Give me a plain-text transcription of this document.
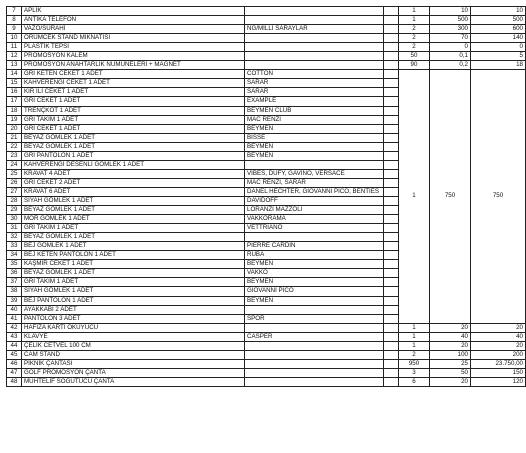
7	APLİK			1	10	10
8	ANTİKA TELEFON			1	500	500
9	VAZO/SÜRAHİ	NG/MİLLİ SARAYLAR		2	300	600
10	ÖRÜMCEK STAND MIKNATISI			2	70	140
11	PLASTİK TEPSİ			2	0	0
12	PROMOSYON KALEM			50	0,1	5
13	PROMOSYON ANAHTARLIK NUMUNELERİ + MAGNET			90	0,2	18
14	GRİ KETEN CEKET 1 ADET	COTTON		1	750	750
15	KAHVERENGİ CEKET 1 ADET	SARAR				
16	KIR İLİ CEKET 1 ADET	SARAR				
17	GRİ CEKET 1 ADET	EXAMPLE				
18	TRENÇKOT 1 ADET	BEYMEN CLUB				
19	GRİ TAKIM 1 ADET	MAC RENZI				
20	GRİ CEKET 1 ADET	BEYMEN				
21	BEYAZ GÖMLEK 1 ADET	BISSE				
22	BEYAZ GÖMLEK 1 ADET	BEYMEN				
23	GRİ PANTOLON 1 ADET	BEYMEN				
24	KAHVERENGİ DESENLİ GÖMLEK 1 ADET					
25	KRAVAT 4 ADET	VİBES, DUFY, GAVINO, VERSACE				
26	GRİ CEKET 2 ADET	MAC RENZI, SARAR				
27	KRAVAT 6 ADET	DANEL HECHTER, GIOVANNI PICO, BENTIES				
28	SİYAH GÖMLEK 1 ADET	DAVIDOFF				
29	BEYAZ GÖMLEK 1 ADET	LORANZI MAZZOLI				
30	MOR GÖMLEK 1 ADET	VAKKORAMA				
31	GRİ TAKIM 1 ADET	VETTRIANO				
32	BEYAZ GÖMLEK 1 ADET					
33	BEJ GÖMLEK 1 ADET	PIERRE CARDIN				
34	BEJ KETEN PANTOLON 1 ADET	RUBA				
35	KAŞMİR CEKET 1 ADET	BEYMEN				
36	BEYAZ GÖMLEK 1 ADET	VAKKO				
37	GRİ TAKIM 1 ADET	BEYMEN				
38	SİYAH GÖMLEK 1 ADET	GIOVANNI PICO				
39	BEJ PANTOLON 1 ADET	BEYMEN				
40	AYAKKABI 2 ADET					
41	PANTOLON 3 ADET	SPOR				
42	HAFIZA KARTI OKUYUCU			1	20	20
43	KLAVYE	CASPER		1	40	40
44	ÇELİK CETVEL 100 CM			1	20	20
45	CAM STAND			2	100	200
46	PİKNİK ÇANTASI			950	25	23.750,00
47	GOLF PROMOSYON ÇANTA			3	50	150
48	MUHTELİF SOĞUTUCU ÇANTA			6	20	120
